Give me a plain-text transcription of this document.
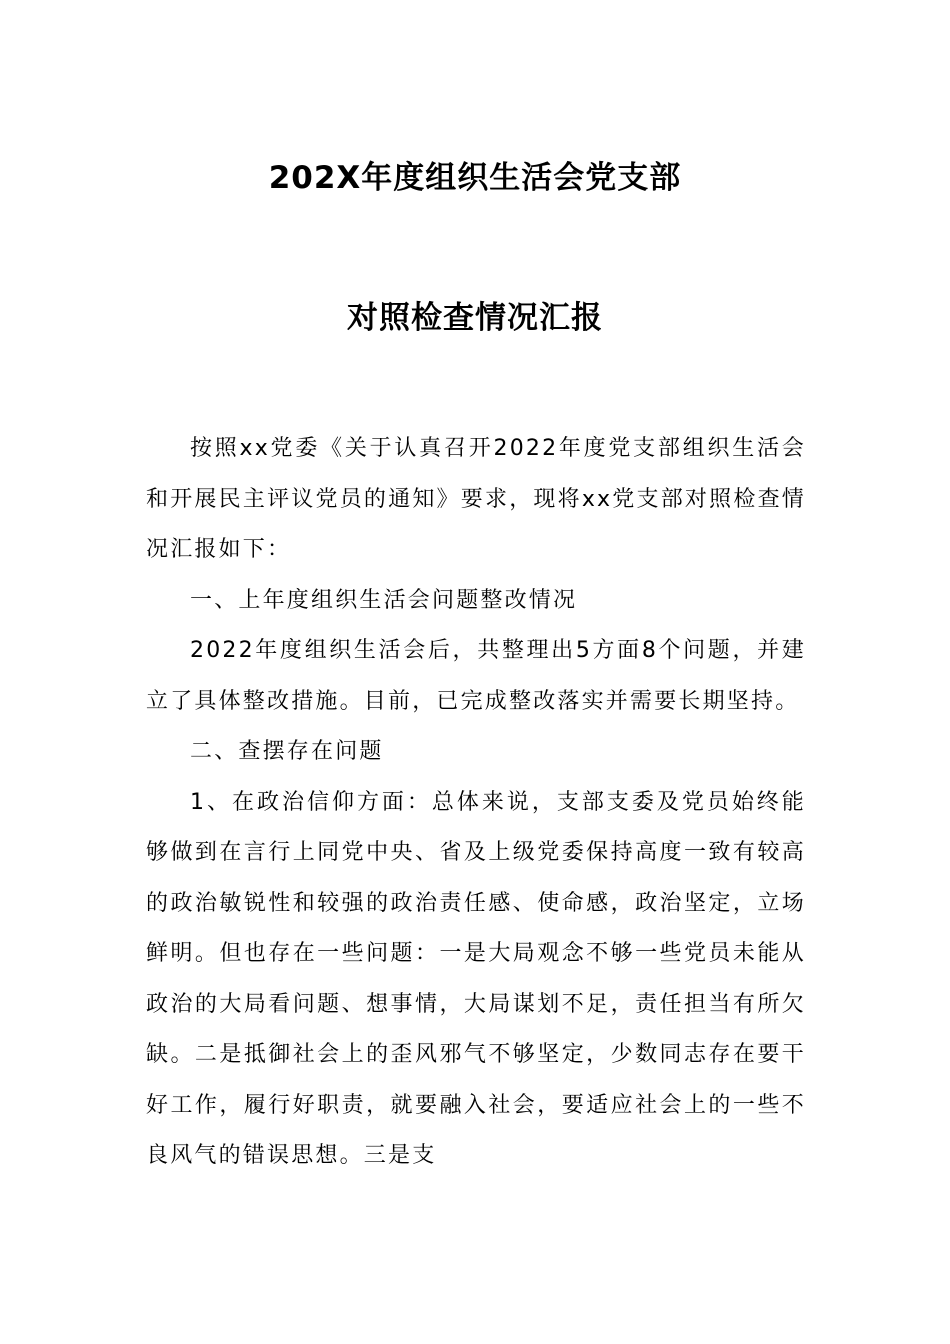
202X年度组织生活会党支部
对照检查情况汇报

按照xx党委《关于认真召开2022年度党支部组织生活会和开展民主评议党员的通知》要求，现将xx党支部对照检查情况汇报如下：

一、上年度组织生活会问题整改情况

2022年度组织生活会后，共整理出5方面8个问题，并建立了具体整改措施。目前，已完成整改落实并需要长期坚持。

二、查摆存在问题

1、在政治信仰方面：总体来说，支部支委及党员始终能够做到在言行上同党中央、省及上级党委保持高度一致有较高的政治敏锐性和较强的政治责任感、使命感，政治坚定，立场鲜明。但也存在一些问题：一是大局观念不够一些党员未能从政治的大局看问题、想事情，大局谋划不足，责任担当有所欠缺。二是抵御社会上的歪风邪气不够坚定，少数同志存在要干好工作，履行好职责，就要融入社会，要适应社会上的一些不良风气的错误思想。三是支
